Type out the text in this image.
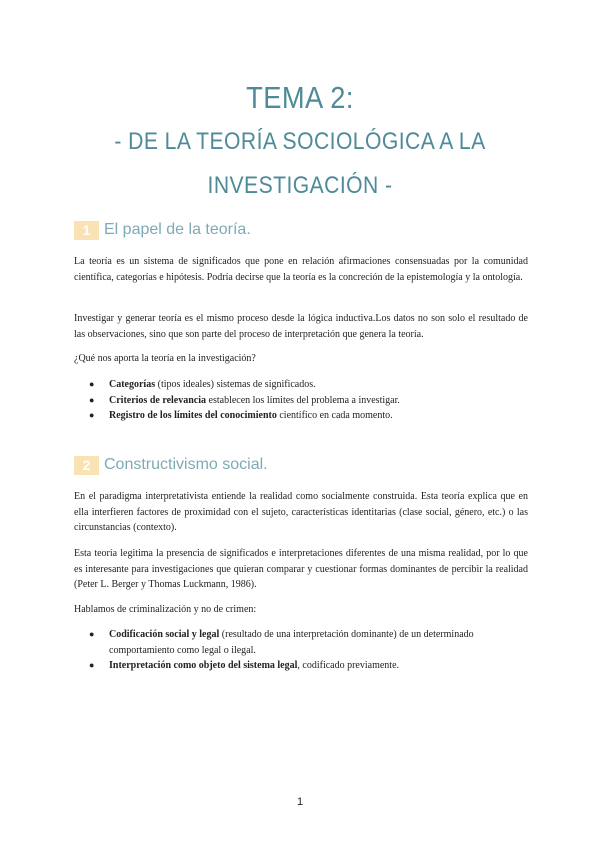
TEMA 2:
- DE LA TEORÍA SOCIOLÓGICA A LA
INVESTIGACIÓN -
1 El papel de la teoría.

La teoría es un sistema de significados que pone en relación afirmaciones consensuadas por la comunidad científica, categorías e hipótesis. Podría decirse que la teoría es la concreción de la epistemología y la ontología.

Investigar y generar teoría es el mismo proceso desde la lógica inductiva.Los datos no son solo el resultado de las observaciones, sino que son parte del proceso de interpretación que genera la teoría.

¿Qué nos aporta la teoría en la investigación?

● Categorías (tipos ideales) sistemas de significados.
● Criterios de relevancia establecen los límites del problema a investigar.
● Registro de los límites del conocimiento científico en cada momento.
2 Constructivismo social.

En el paradigma interpretativista entiende la realidad como socialmente construida. Esta teoría explica que en ella interfieren factores de proximidad con el sujeto, características identitarias (clase social, género, etc.) o las circunstancias (contexto).

Esta teoría legitima la presencia de significados e interpretaciones diferentes de una misma realidad, por lo que es interesante para investigaciones que quieran comparar y cuestionar formas dominantes de percibir la realidad (Peter L. Berger y Thomas Luckmann, 1986).

Hablamos de criminalización y no de crimen:

● Codificación social y legal (resultado de una interpretación dominante) de un determinado comportamiento como legal o ilegal.
● Interpretación como objeto del sistema legal, codificado previamente.
1
